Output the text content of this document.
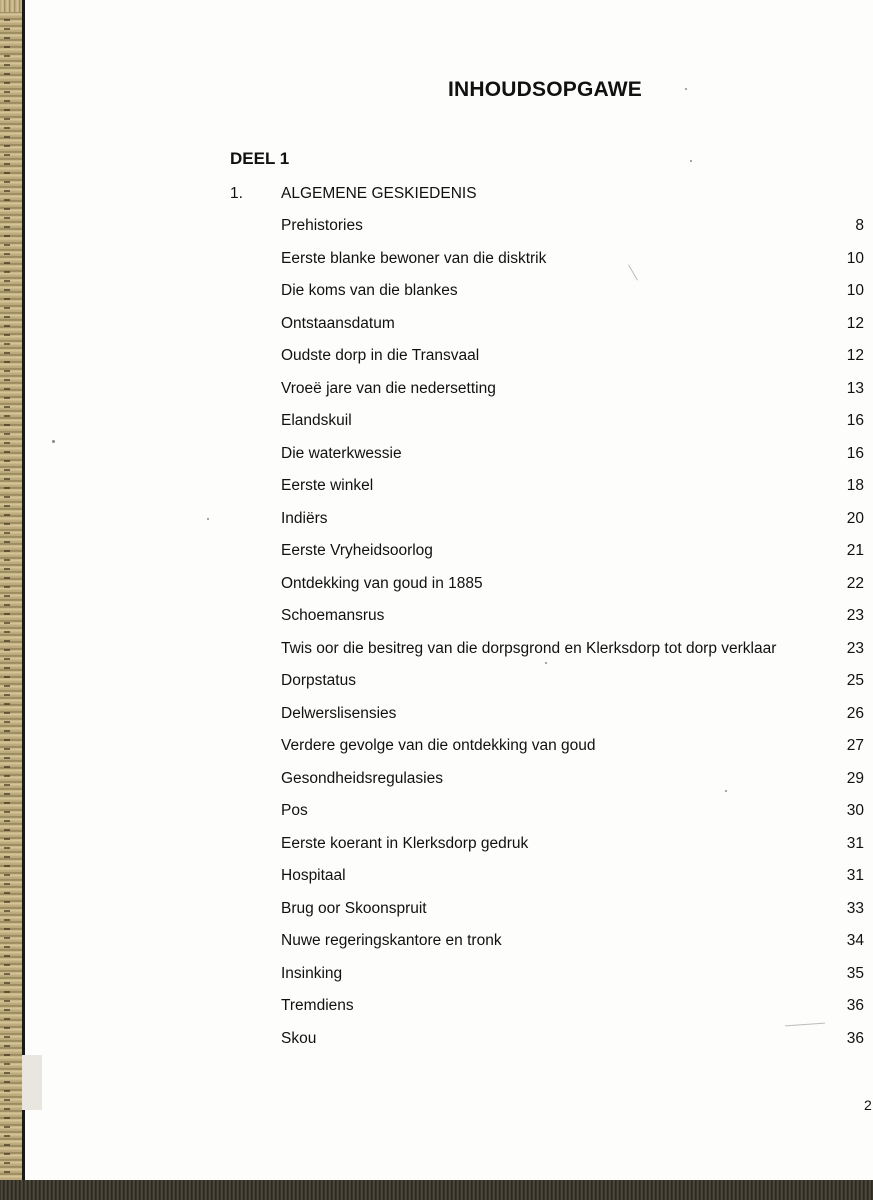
INHOUDSOPGAWE
DEEL 1
1. ALGEMENE GESKIEDENIS
Prehistories	8
Eerste blanke bewoner van die disktrik	10
Die koms van die blankes	10
Ontstaansdatum	12
Oudste dorp in die Transvaal	12
Vroeë jare van die nedersetting	13
Elandskuil	16
Die waterkwessie	16
Eerste winkel	18
Indiërs	20
Eerste Vryheidsoorlog	21
Ontdekking van goud in 1885	22
Schoemansrus	23
Twis oor die besitreg van die dorpsgrond en Klerksdorp tot dorp verklaar	23
Dorpstatus	25
Delwerslisensies	26
Verdere gevolge van die ontdekking van goud	27
Gesondheidsregulasies	29
Pos	30
Eerste koerant in Klerksdorp gedruk	31
Hospitaal	31
Brug oor Skoonspruit	33
Nuwe regeringskantore en tronk	34
Insinking	35
Tremdiens	36
Skou	36
2
